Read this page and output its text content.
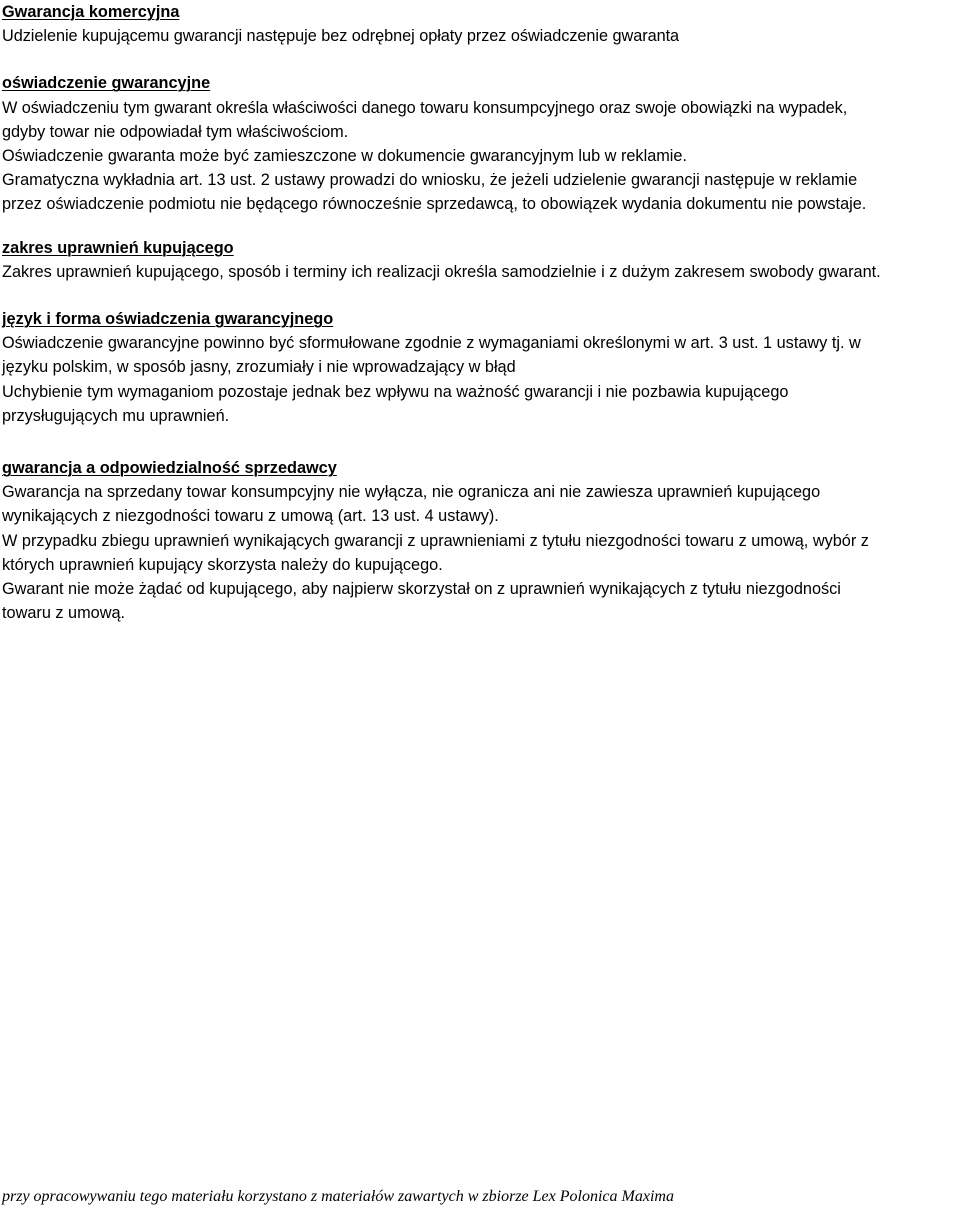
Gwarancja komercyjna

Udzielenie kupującemu gwarancji następuje bez odrębnej opłaty przez oświadczenie gwaranta

oświadczenie gwarancyjne

W oświadczeniu tym gwarant określa właściwości danego towaru konsumpcyjnego oraz swoje obowiązki na wypadek,

gdyby towar nie odpowiadał tym właściwościom.

Oświadczenie gwaranta może być zamieszczone w dokumencie gwarancyjnym lub w reklamie.

Gramatyczna wykładnia art. 13 ust. 2 ustawy prowadzi do wniosku, że jeżeli udzielenie gwarancji następuje w reklamie

przez oświadczenie podmiotu nie będącego równocześnie sprzedawcą, to obowiązek wydania dokumentu nie powstaje.

zakres uprawnień kupującego

Zakres uprawnień kupującego, sposób i terminy ich realizacji określa samodzielnie i z dużym zakresem swobody gwarant.

język i forma oświadczenia gwarancyjnego

Oświadczenie gwarancyjne powinno być sformułowane zgodnie z wymaganiami określonymi w art. 3 ust. 1 ustawy tj. w

języku polskim, w sposób jasny, zrozumiały i nie wprowadzający w błąd

Uchybienie tym wymaganiom pozostaje jednak bez wpływu na ważność gwarancji i nie pozbawia kupującego

przysługujących mu uprawnień.

gwarancja a odpowiedzialność sprzedawcy

Gwarancja na sprzedany towar konsumpcyjny nie wyłącza, nie ogranicza ani nie zawiesza uprawnień kupującego

wynikających z niezgodności towaru z umową (art. 13 ust. 4 ustawy).

W przypadku zbiegu uprawnień wynikających gwarancji z uprawnieniami z tytułu niezgodności towaru z umową, wybór z

których uprawnień kupujący skorzysta należy do kupującego.

Gwarant nie może żądać od kupującego, aby najpierw skorzystał on z uprawnień wynikających z tytułu niezgodności

towaru z umową.

przy opracowywaniu tego materiału korzystano z materiałów zawartych w zbiorze Lex Polonica Maxima
